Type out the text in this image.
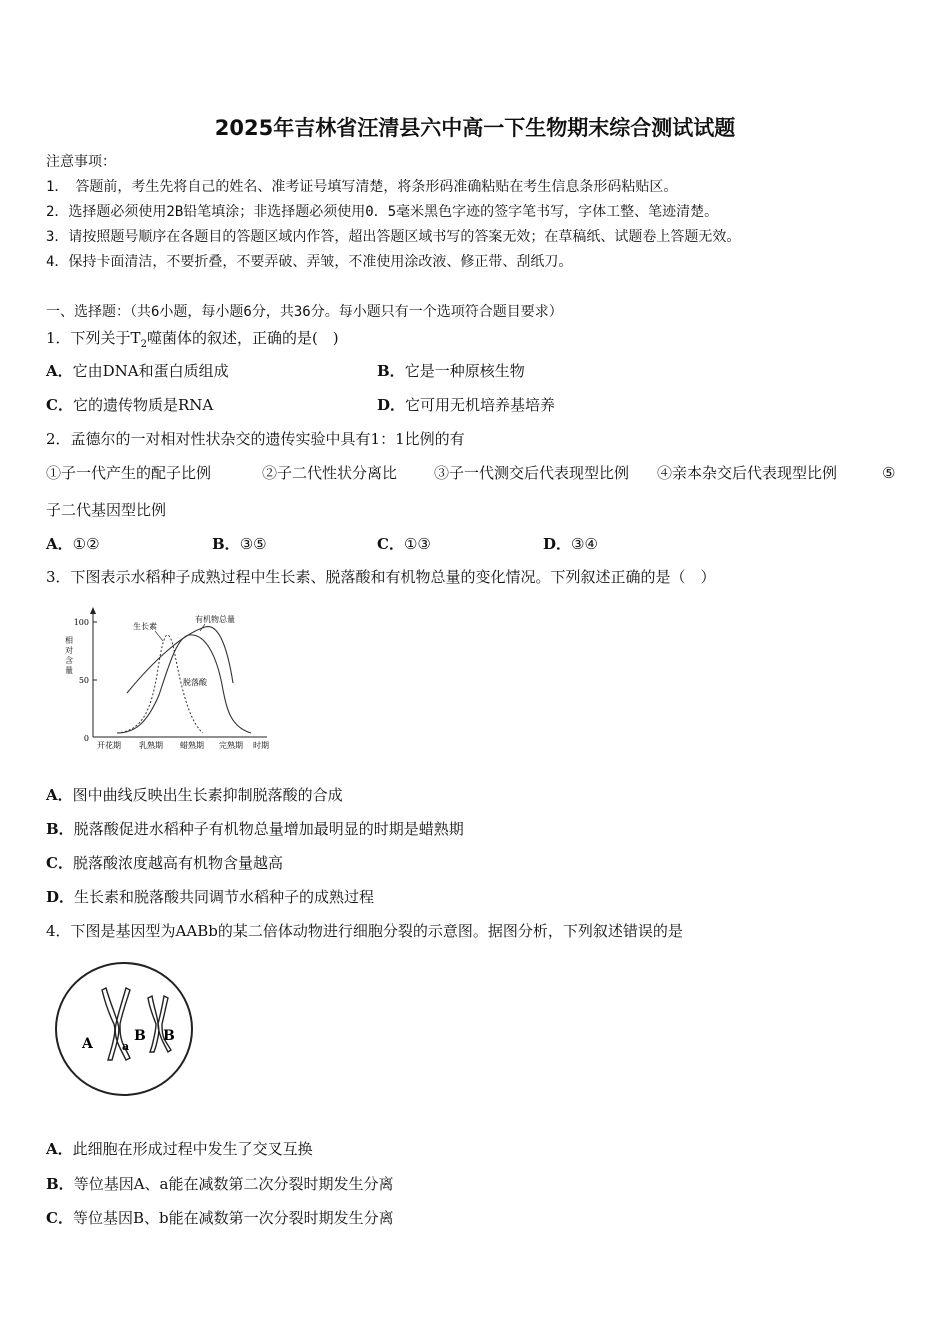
2025年吉林省汪清县六中高一下生物期末综合测试试题
注意事项：
1．　答题前，考生先将自己的姓名、准考证号填写清楚，将条形码准确粘贴在考生信息条形码粘贴区。
2．选择题必须使用2B铅笔填涂；非选择题必须使用0．5毫米黑色字迹的签字笔书写，字体工整、笔迹清楚。
3．请按照题号顺序在各题目的答题区域内作答，超出答题区域书写的答案无效；在草稿纸、试题卷上答题无效。
4．保持卡面清洁，不要折叠，不要弄破、弄皱，不准使用涂改液、修正带、刮纸刀。
一、选择题：（共6小题，每小题6分，共36分。每小题只有一个选项符合题目要求）
1．下列关于$T_2$噬菌体的叙述，正确的是(　)
A．它由DNA和蛋白质组成	B．它是一种原核生物
C．它的遗传物质是RNA	D．它可用无机培养基培养
2．孟德尔的一对相对性状杂交的遗传实验中具有1：1比例的有
①子一代产生的配子比例	②子二代性状分离比 ③子一代测交后代表现型比例 ④亲本杂交后代表现型比例	⑤
子二代基因型比例
A．①②	B．③⑤	C．①③	D．③④
3．下图表示水稻种子成熟过程中生长素、脱落酸和有机物总量的变化情况。下列叙述正确的是（　）
100
50
0
相
对
含
量
开花期 乳熟期 蜡熟期 完熟期 时期
生长素
有机物总量
脱落酸
A．图中曲线反映出生长素抑制脱落酸的合成
B．脱落酸促进水稻种子有机物总量增加最明显的时期是蜡熟期
C．脱落酸浓度越高有机物含量越高
D．生长素和脱落酸共同调节水稻种子的成熟过程
4．下图是基因型为AABb的某二倍体动物进行细胞分裂的示意图。据图分析，下列叙述错误的是
A	a
B B
A．此细胞在形成过程中发生了交叉互换
B．等位基因A、a能在减数第二次分裂时期发生分离
C．等位基因B、b能在减数第一次分裂时期发生分离
